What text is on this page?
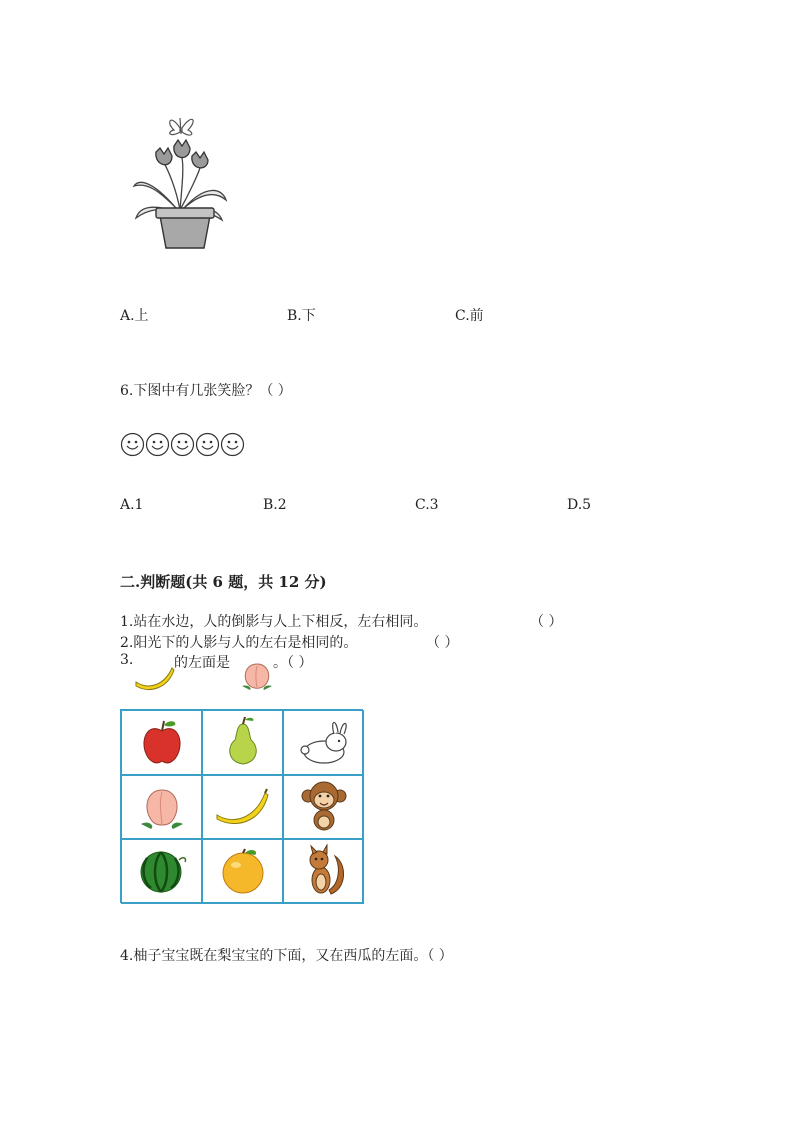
A.上	B.下	C.前
6.下图中有几张笑脸？（ ）
A.1	B.2	C.3	D.5
二.判断题(共 6 题，共 12 分)
1.站在水边，人的倒影与人上下相反，左右相同。	（ ）
2.阳光下的人影与人的左右是相同的。	（ ）
3.	的左面是	。（ ）
4.柚子宝宝既在梨宝宝的下面，又在西瓜的左面。（ ）
